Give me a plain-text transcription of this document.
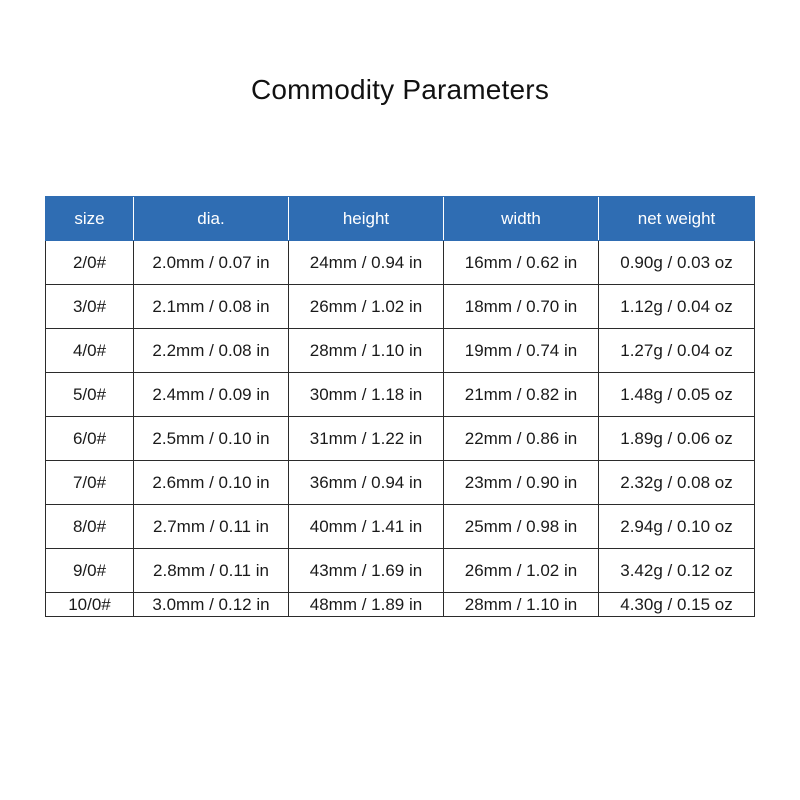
Commodity Parameters
size	dia.	height	width	net weight
2/0#	2.0mm / 0.07 in	24mm / 0.94 in	16mm / 0.62 in	0.90g / 0.03 oz
3/0#	2.1mm / 0.08 in	26mm / 1.02 in	18mm / 0.70 in	1.12g / 0.04 oz
4/0#	2.2mm / 0.08 in	28mm / 1.10 in	19mm / 0.74 in	1.27g / 0.04 oz
5/0#	2.4mm / 0.09 in	30mm / 1.18 in	21mm / 0.82 in	1.48g / 0.05 oz
6/0#	2.5mm / 0.10 in	31mm / 1.22 in	22mm / 0.86 in	1.89g / 0.06 oz
7/0#	2.6mm / 0.10 in	36mm / 0.94 in	23mm / 0.90 in	2.32g / 0.08 oz
8/0#	2.7mm / 0.11 in	40mm / 1.41 in	25mm / 0.98 in	2.94g / 0.10 oz
9/0#	2.8mm / 0.11 in	43mm / 1.69 in	26mm / 1.02 in	3.42g / 0.12 oz
10/0#	3.0mm / 0.12 in	48mm / 1.89 in	28mm / 1.10 in	4.30g / 0.15 oz
